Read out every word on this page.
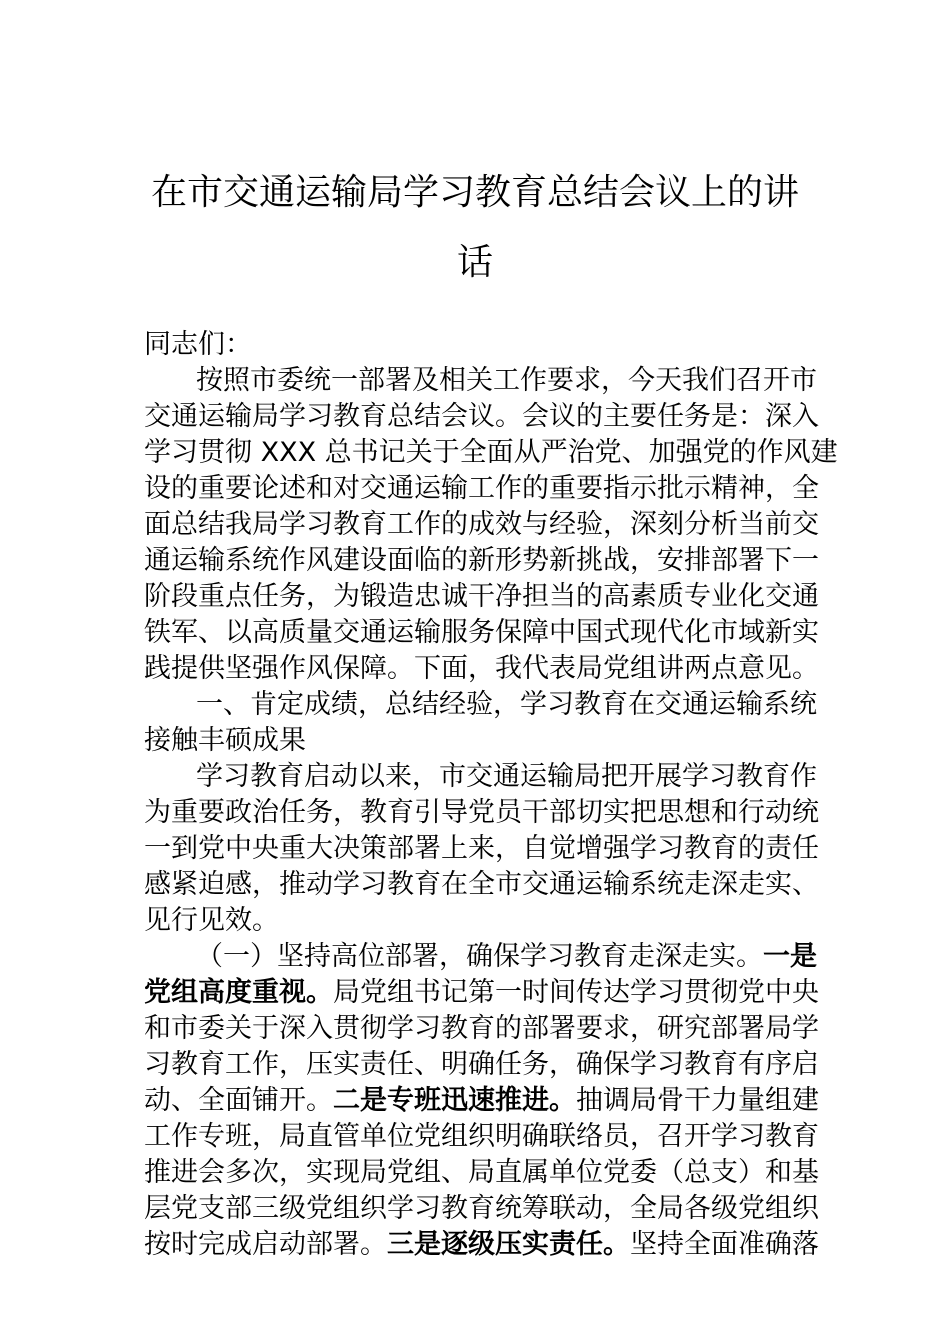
在市交通运输局学习教育总结会议上的讲
话
同志们：
按照市委统一部署及相关工作要求，今天我们召开市
交通运输局学习教育总结会议。会议的主要任务是：深入
学习贯彻 XXX 总书记关于全面从严治党、加强党的作风建
设的重要论述和对交通运输工作的重要指示批示精神，全
面总结我局学习教育工作的成效与经验，深刻分析当前交
通运输系统作风建设面临的新形势新挑战，安排部署下一
阶段重点任务，为锻造忠诚干净担当的高素质专业化交通
铁军、以高质量交通运输服务保障中国式现代化市域新实
践提供坚强作风保障。下面，我代表局党组讲两点意见。
一、肯定成绩，总结经验，学习教育在交通运输系统
接触丰硕成果
学习教育启动以来，市交通运输局把开展学习教育作
为重要政治任务，教育引导党员干部切实把思想和行动统
一到党中央重大决策部署上来，自觉增强学习教育的责任
感紧迫感，推动学习教育在全市交通运输系统走深走实、
见行见效。
（一）坚持高位部署，确保学习教育走深走实。一是
党组高度重视。局党组书记第一时间传达学习贯彻党中央
和市委关于深入贯彻学习教育的部署要求，研究部署局学
习教育工作，压实责任、明确任务，确保学习教育有序启
动、全面铺开。二是专班迅速推进。抽调局骨干力量组建
工作专班，局直管单位党组织明确联络员，召开学习教育
推进会多次，实现局党组、局直属单位党委（总支）和基
层党支部三级党组织学习教育统筹联动，全局各级党组织
按时完成启动部署。三是逐级压实责任。坚持全面准确落
